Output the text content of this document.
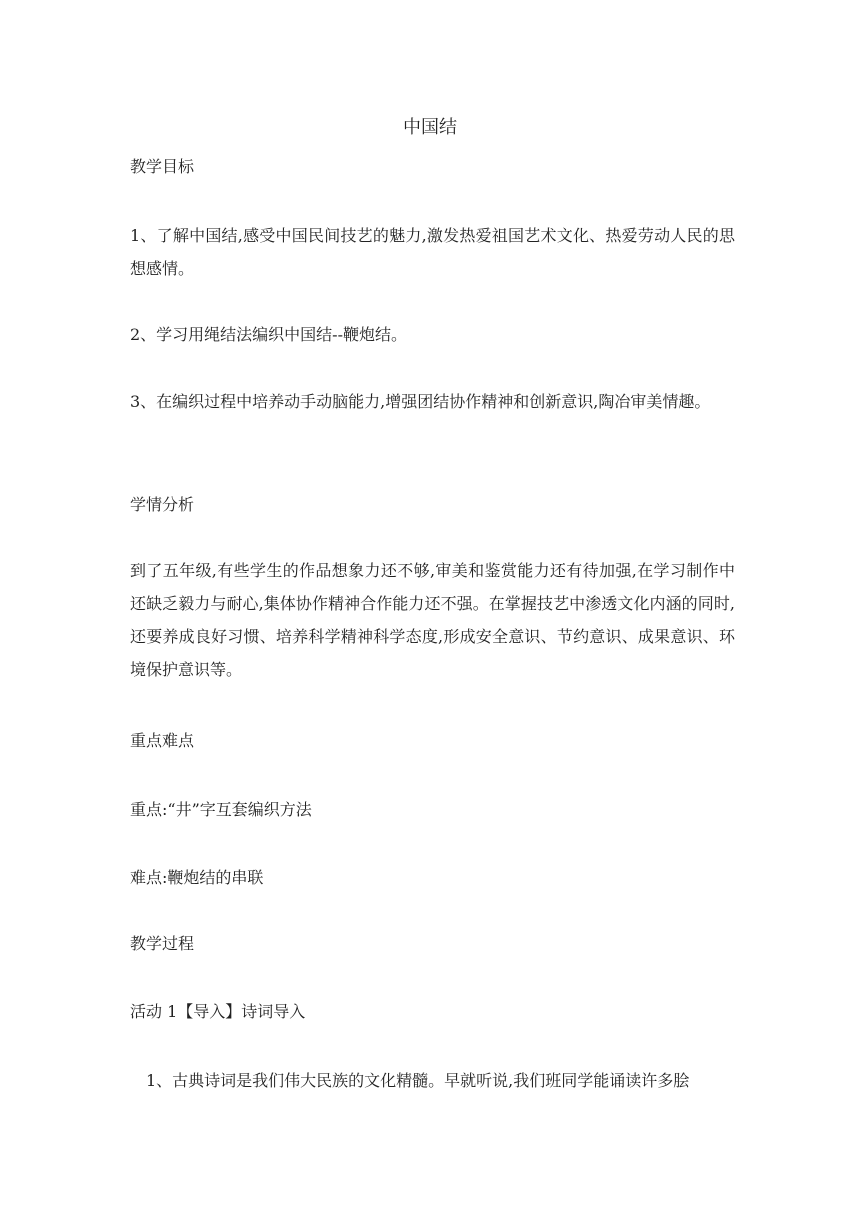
中国结
教学目标
1、了解中国结,感受中国民间技艺的魅力,激发热爱祖国艺术文化、热爱劳动人民的思想感情。
2、学习用绳结法编织中国结--鞭炮结。
3、在编织过程中培养动手动脑能力,增强团结协作精神和创新意识,陶冶审美情趣。
学情分析
到了五年级,有些学生的作品想象力还不够,审美和鉴赏能力还有待加强,在学习制作中还缺乏毅力与耐心,集体协作精神合作能力还不强。在掌握技艺中渗透文化内涵的同时,还要养成良好习惯、培养科学精神科学态度,形成安全意识、节约意识、成果意识、环境保护意识等。
重点难点
重点:“井”字互套编织方法
难点:鞭炮结的串联
教学过程
活动 1【导入】诗词导入
1、古典诗词是我们伟大民族的文化精髓。早就听说,我们班同学能诵读许多脍
